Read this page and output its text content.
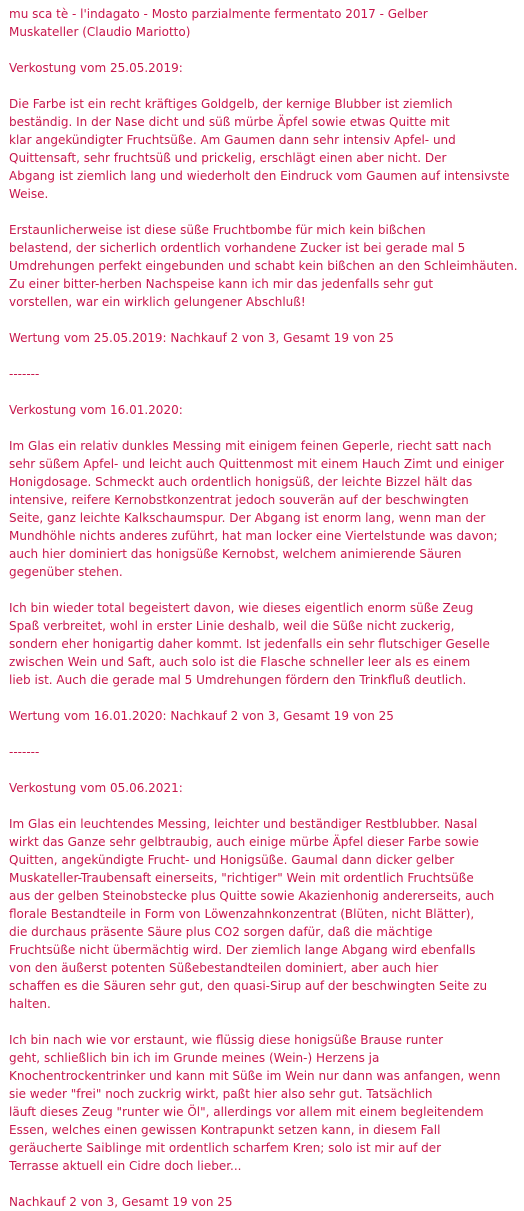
mu sca tè - l'indagato - Mosto parzialmente fermentato 2017 - Gelber
Muskateller (Claudio Mariotto)
Verkostung vom 25.05.2019:
Die Farbe ist ein recht kräftiges Goldgelb, der kernige Blubber ist ziemlich
beständig. In der Nase dicht und süß mürbe Äpfel sowie etwas Quitte mit
klar angekündigter Fruchtsüße. Am Gaumen dann sehr intensiv Apfel- und
Quittensaft, sehr fruchtsüß und prickelig, erschlägt einen aber nicht. Der
Abgang ist ziemlich lang und wiederholt den Eindruck vom Gaumen auf intensivste
Weise.
Erstaunlicherweise ist diese süße Fruchtbombe für mich kein bißchen
belastend, der sicherlich ordentlich vorhandene Zucker ist bei gerade mal 5
Umdrehungen perfekt eingebunden und schabt kein bißchen an den Schleimhäuten.
Zu einer bitter-herben Nachspeise kann ich mir das jedenfalls sehr gut
vorstellen, war ein wirklich gelungener Abschluß!
Wertung vom 25.05.2019: Nachkauf 2 von 3, Gesamt 19 von 25
-------
Verkostung vom 16.01.2020:
Im Glas ein relativ dunkles Messing mit einigem feinen Geperle, riecht satt nach
sehr süßem Apfel- und leicht auch Quittenmost mit einem Hauch Zimt und einiger
Honigdosage. Schmeckt auch ordentlich honigsüß, der leichte Bizzel hält das
intensive, reifere Kernobstkonzentrat jedoch souverän auf der beschwingten
Seite, ganz leichte Kalkschaumspur. Der Abgang ist enorm lang, wenn man der
Mundhöhle nichts anderes zuführt, hat man locker eine Viertelstunde was davon;
auch hier dominiert das honigsüße Kernobst, welchem animierende Säuren
gegenüber stehen.
Ich bin wieder total begeistert davon, wie dieses eigentlich enorm süße Zeug
Spaß verbreitet, wohl in erster Linie deshalb, weil die Süße nicht zuckerig,
sondern eher honigartig daher kommt. Ist jedenfalls ein sehr flutschiger Geselle
zwischen Wein und Saft, auch solo ist die Flasche schneller leer als es einem
lieb ist. Auch die gerade mal 5 Umdrehungen fördern den Trinkfluß deutlich.
Wertung vom 16.01.2020: Nachkauf 2 von 3, Gesamt 19 von 25
-------
Verkostung vom 05.06.2021:
Im Glas ein leuchtendes Messing, leichter und beständiger Restblubber. Nasal
wirkt das Ganze sehr gelbtraubig, auch einige mürbe Äpfel dieser Farbe sowie
Quitten, angekündigte Frucht- und Honigsüße. Gaumal dann dicker gelber
Muskateller-Traubensaft einerseits, "richtiger" Wein mit ordentlich Fruchtsüße
aus der gelben Steinobstecke plus Quitte sowie Akazienhonig andererseits, auch
florale Bestandteile in Form von Löwenzahnkonzentrat (Blüten, nicht Blätter),
die durchaus präsente Säure plus CO2 sorgen dafür, daß die mächtige
Fruchtsüße nicht übermächtig wird. Der ziemlich lange Abgang wird ebenfalls
von den äußerst potenten Süßebestandteilen dominiert, aber auch hier
schaffen es die Säuren sehr gut, den quasi-Sirup auf der beschwingten Seite zu
halten.
Ich bin nach wie vor erstaunt, wie flüssig diese honigsüße Brause runter
geht, schließlich bin ich im Grunde meines (Wein-) Herzens ja
Knochentrockentrinker und kann mit Süße im Wein nur dann was anfangen, wenn
sie weder "frei" noch zuckrig wirkt, paßt hier also sehr gut. Tatsächlich
läuft dieses Zeug "runter wie Öl", allerdings vor allem mit einem begleitendem
Essen, welches einen gewissen Kontrapunkt setzen kann, in diesem Fall
geräucherte Saiblinge mit ordentlich scharfem Kren; solo ist mir auf der
Terrasse aktuell ein Cidre doch lieber...
Nachkauf 2 von 3, Gesamt 19 von 25
